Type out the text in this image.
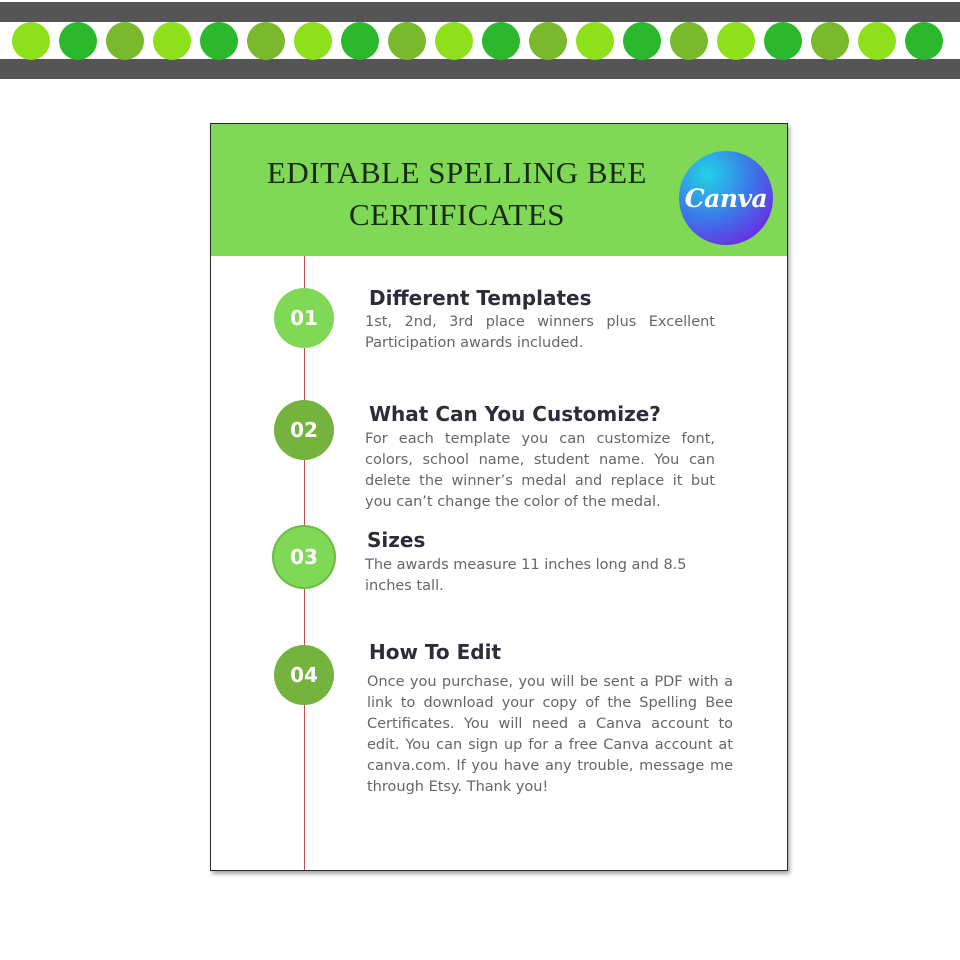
EDITABLE SPELLING BEE
CERTIFICATES	Canva
01
Different Templates

1st, 2nd, 3rd place winners plus Excellent Participation awards included.

02
What Can You Customize?

For each template you can customize font, colors, school name, student name. You can delete the winner’s medal and replace it but you can’t change the color of the medal.

03
Sizes

The awards measure 11 inches long and 8.5 inches tall.

04
How To Edit

Once you purchase, you will be sent a PDF with a link to download your copy of the Spelling Bee Certificates. You will need a Canva account to edit. You can sign up for a free Canva account at canva.com. If you have any trouble, message me through Etsy. Thank you!
